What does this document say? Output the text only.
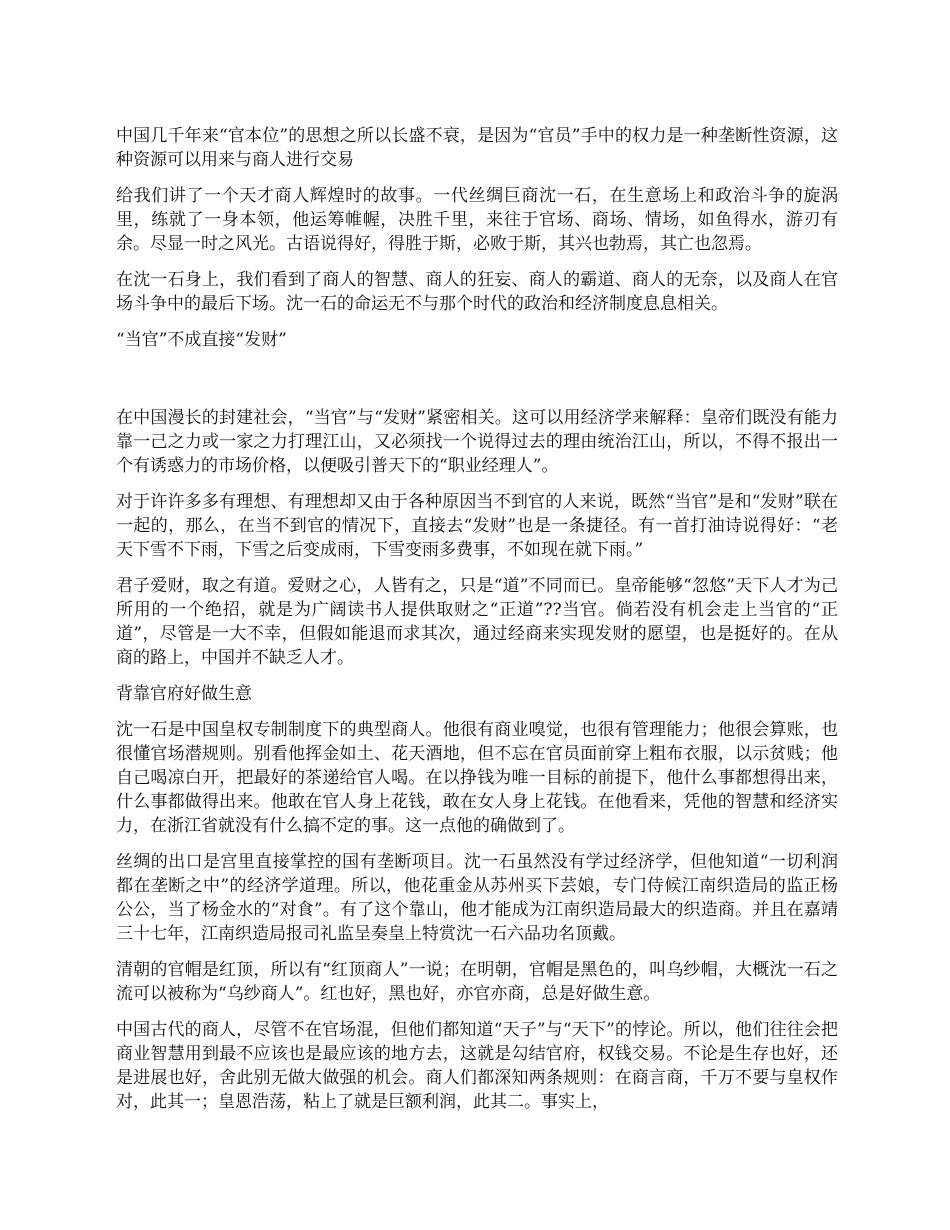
中国几千年来“官本位”的思想之所以长盛不衰，是因为“官员”手中的权力是一种垄断性资源，这种资源可以用来与商人进行交易

给我们讲了一个天才商人辉煌时的故事。一代丝绸巨商沈一石，在生意场上和政治斗争的旋涡里，练就了一身本领，他运筹帷幄，决胜千里，来往于官场、商场、情场，如鱼得水，游刃有余。尽显一时之风光。古语说得好，得胜于斯，必败于斯，其兴也勃焉，其亡也忽焉。

在沈一石身上，我们看到了商人的智慧、商人的狂妄、商人的霸道、商人的无奈，以及商人在官场斗争中的最后下场。沈一石的命运无不与那个时代的政治和经济制度息息相关。

“当官”不成直接“发财”

在中国漫长的封建社会，“当官”与“发财”紧密相关。这可以用经济学来解释：皇帝们既没有能力靠一己之力或一家之力打理江山，又必须找一个说得过去的理由统治江山，所以，不得不报出一个有诱惑力的市场价格，以便吸引普天下的“职业经理人”。

对于许许多多有理想、有理想却又由于各种原因当不到官的人来说，既然“当官”是和“发财”联在一起的，那么，在当不到官的情况下，直接去“发财”也是一条捷径。有一首打油诗说得好：“老天下雪不下雨，下雪之后变成雨，下雪变雨多费事，不如现在就下雨。”

君子爱财，取之有道。爱财之心，人皆有之，只是“道”不同而已。皇帝能够“忽悠”天下人才为己所用的一个绝招，就是为广阔读书人提供取财之“正道”??当官。倘若没有机会走上当官的“正道”，尽管是一大不幸，但假如能退而求其次，通过经商来实现发财的愿望，也是挺好的。在从商的路上，中国并不缺乏人才。

背靠官府好做生意

沈一石是中国皇权专制制度下的典型商人。他很有商业嗅觉，也很有管理能力；他很会算账，也很懂官场潜规则。别看他挥金如土、花天酒地，但不忘在官员面前穿上粗布衣服，以示贫贱；他自己喝凉白开，把最好的茶递给官人喝。在以挣钱为唯一目标的前提下，他什么事都想得出来，什么事都做得出来。他敢在官人身上花钱，敢在女人身上花钱。在他看来，凭他的智慧和经济实力，在浙江省就没有什么搞不定的事。这一点他的确做到了。

丝绸的出口是宫里直接掌控的国有垄断项目。沈一石虽然没有学过经济学，但他知道“一切利润都在垄断之中”的经济学道理。所以，他花重金从苏州买下芸娘，专门侍候江南织造局的监正杨公公，当了杨金水的“对食”。有了这个靠山，他才能成为江南织造局最大的织造商。并且在嘉靖三十七年，江南织造局报司礼监呈奏皇上特赏沈一石六品功名顶戴。

清朝的官帽是红顶，所以有“红顶商人”一说；在明朝，官帽是黑色的，叫乌纱帽，大概沈一石之流可以被称为“乌纱商人”。红也好，黑也好，亦官亦商，总是好做生意。

中国古代的商人，尽管不在官场混，但他们都知道“天子”与“天下”的悖论。所以，他们往往会把商业智慧用到最不应该也是最应该的地方去，这就是勾结官府，权钱交易。不论是生存也好，还是进展也好，舍此别无做大做强的机会。商人们都深知两条规则：在商言商，千万不要与皇权作对，此其一；皇恩浩荡，粘上了就是巨额利润，此其二。事实上，
